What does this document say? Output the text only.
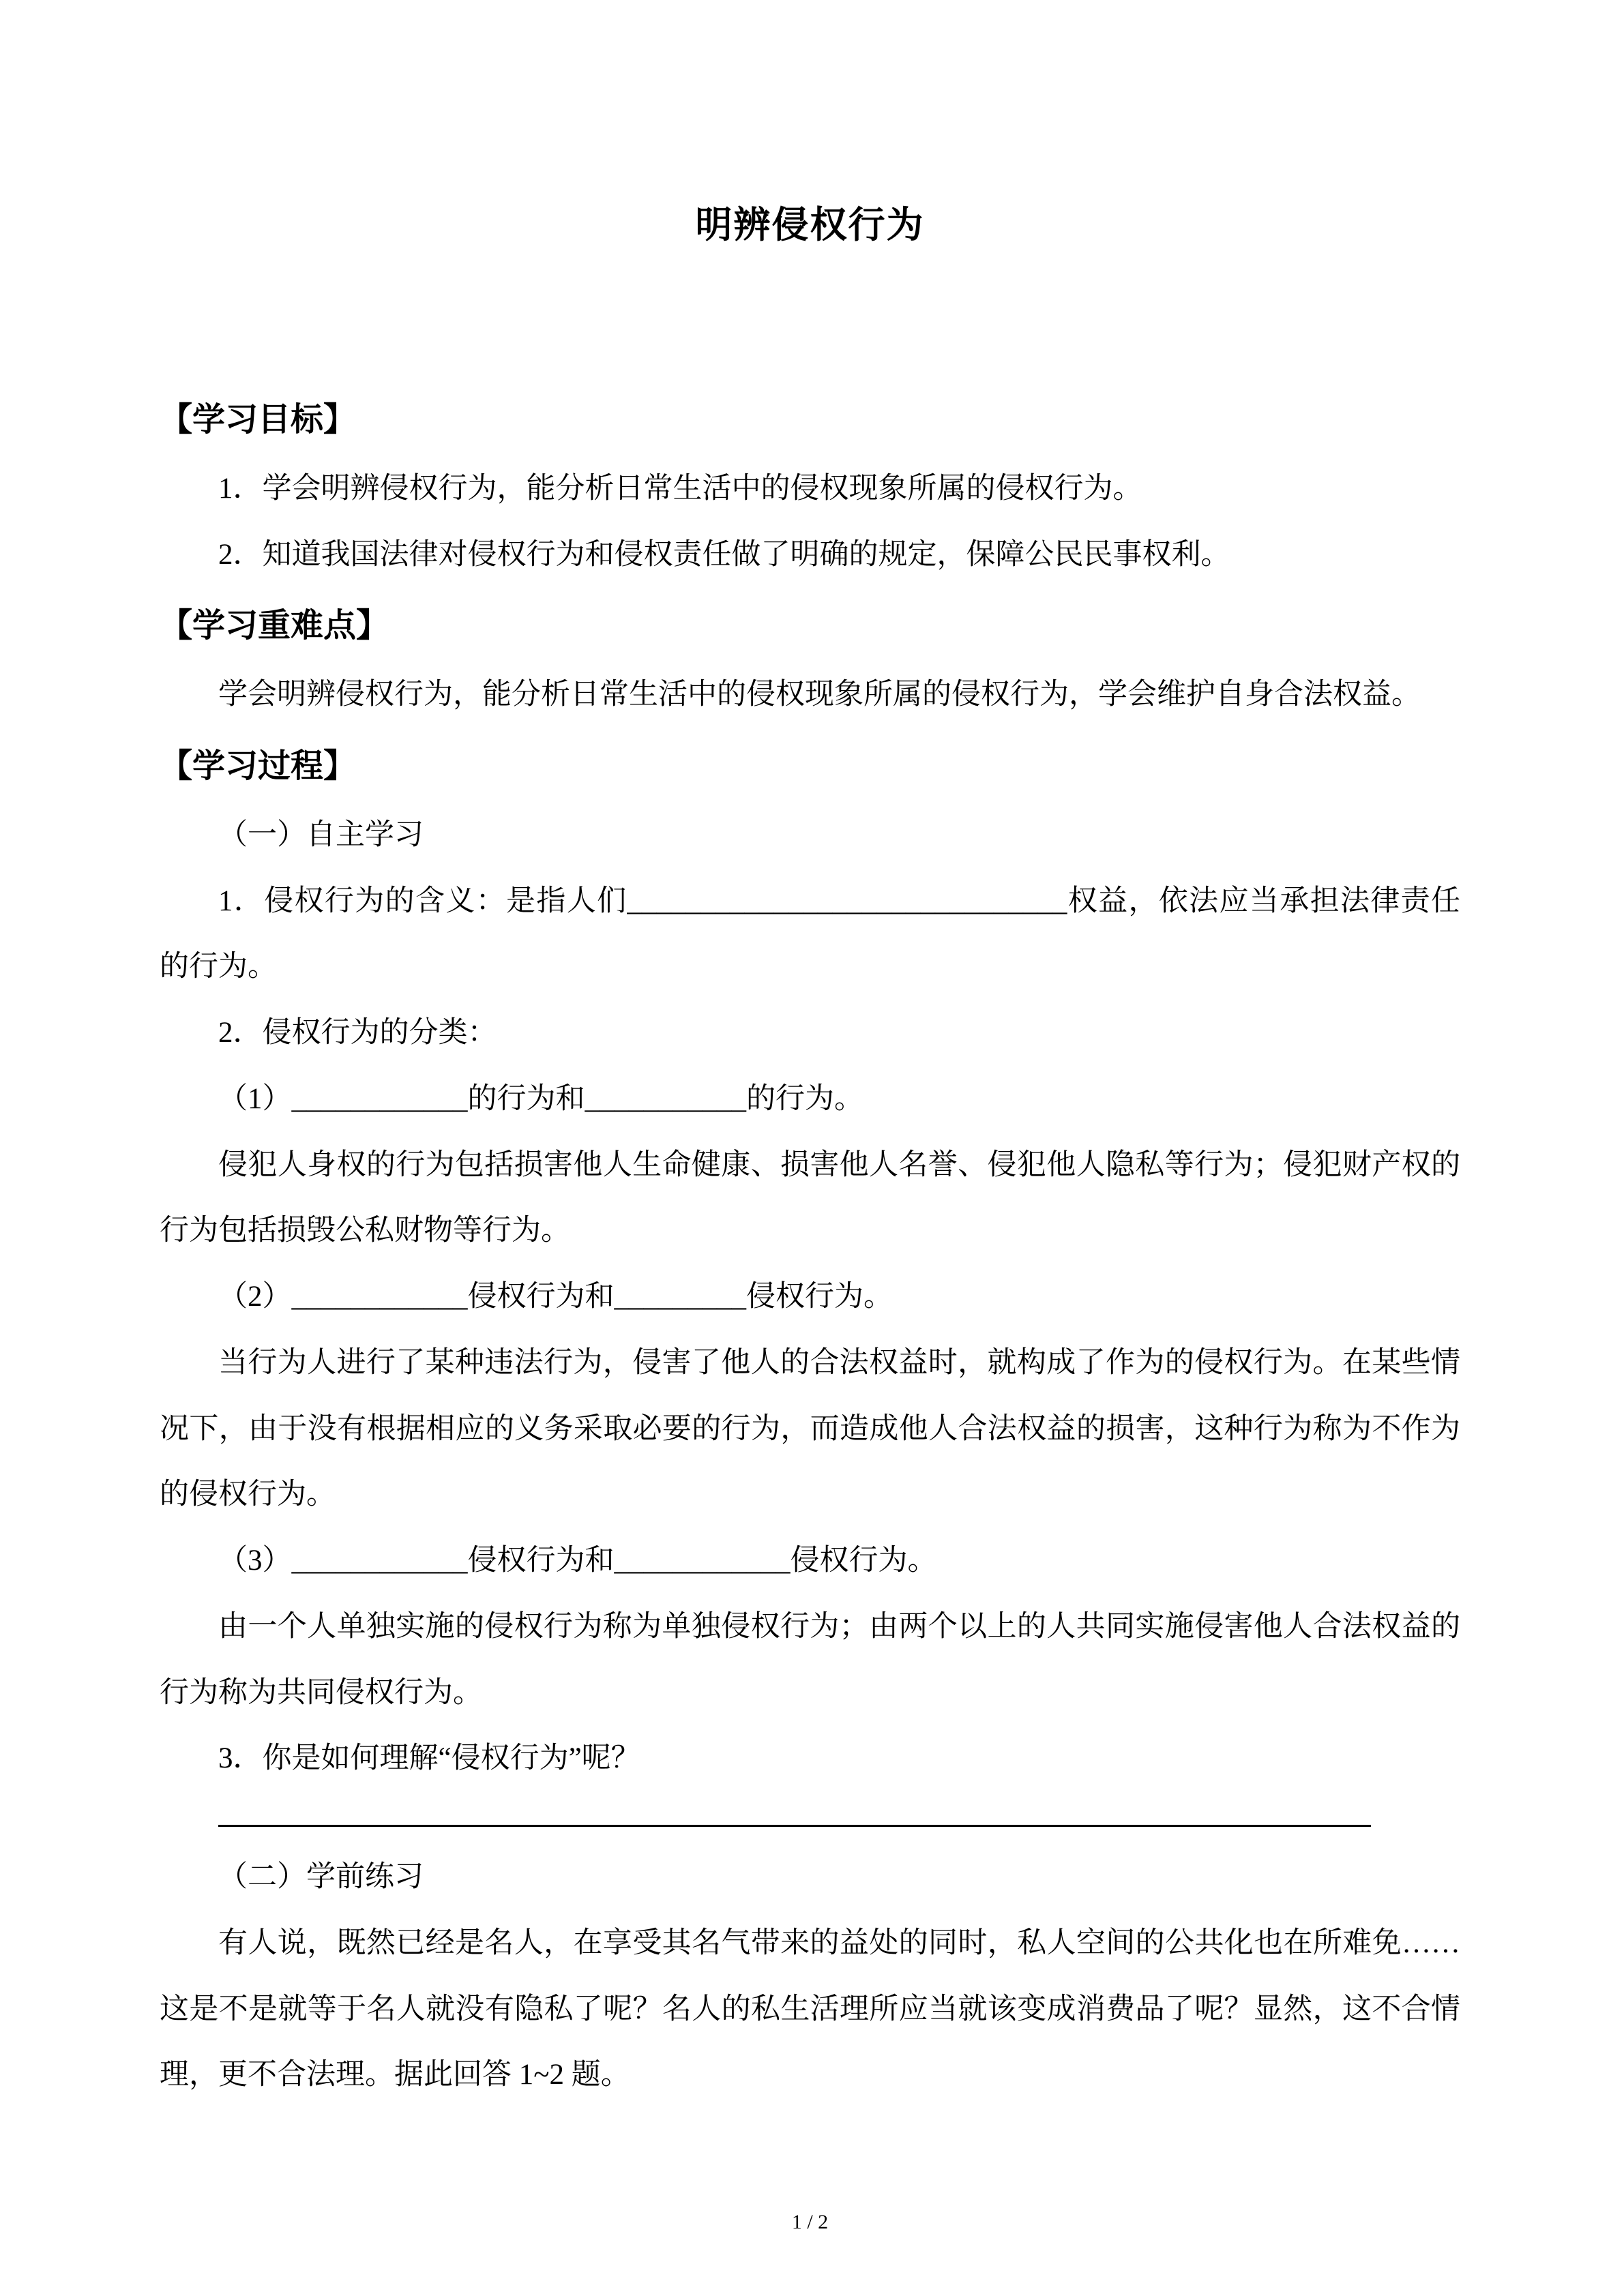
明辨侵权行为
【学习目标】

1．学会明辨侵权行为，能分析日常生活中的侵权现象所属的侵权行为。

2．知道我国法律对侵权行为和侵权责任做了明确的规定，保障公民民事权利。

【学习重难点】

学会明辨侵权行为，能分析日常生活中的侵权现象所属的侵权行为，学会维护自身合法权益。

【学习过程】

（一）自主学习

1．侵权行为的含义：是指人们______________________________权益，依法应当承担法律责任的行为。

2．侵权行为的分类：

（1）____________的行为和___________的行为。

侵犯人身权的行为包括损害他人生命健康、损害他人名誉、侵犯他人隐私等行为；侵犯财产权的行为包括损毁公私财物等行为。

（2）____________侵权行为和_________侵权行为。

当行为人进行了某种违法行为，侵害了他人的合法权益时，就构成了作为的侵权行为。在某些情况下，由于没有根据相应的义务采取必要的行为，而造成他人合法权益的损害，这种行为称为不作为的侵权行为。

（3）____________侵权行为和____________侵权行为。

由一个人单独实施的侵权行为称为单独侵权行为；由两个以上的人共同实施侵害他人合法权益的行为称为共同侵权行为。

3．你是如何理解“侵权行为”呢？

（二）学前练习

有人说，既然已经是名人，在享受其名气带来的益处的同时，私人空间的公共化也在所难免……这是不是就等于名人就没有隐私了呢？名人的私生活理所应当就该变成消费品了呢？显然，这不合情理，更不合法理。据此回答 1~2 题。

1 / 2
